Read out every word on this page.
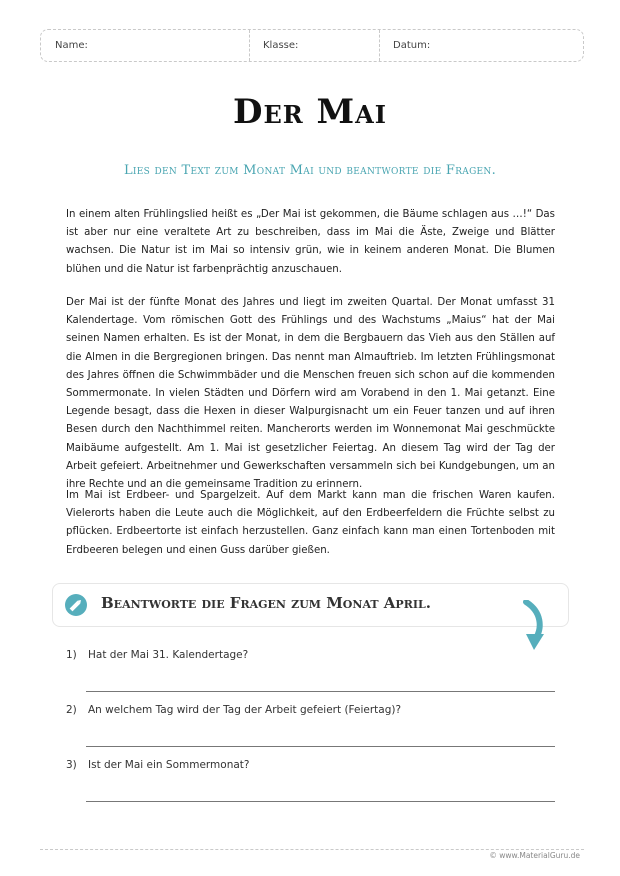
Name:	Klasse:	Datum:
Der Mai
Lies den Text zum Monat Mai und beantworte die Fragen.

In einem alten Frühlingslied heißt es „Der Mai ist gekommen, die Bäume schlagen aus …!“ Das ist aber nur eine veraltete Art zu beschreiben, dass im Mai die Äste, Zweige und Blätter wachsen. Die Natur ist im Mai so intensiv grün, wie in keinem anderen Monat. Die Blumen blühen und die Natur ist farbenprächtig anzuschauen.

Der Mai ist der fünfte Monat des Jahres und liegt im zweiten Quartal. Der Monat umfasst 31 Kalendertage. Vom römischen Gott des Frühlings und des Wachstums „Maius“ hat der Mai seinen Namen erhalten. Es ist der Monat, in dem die Bergbauern das Vieh aus den Ställen auf die Almen in die Bergregionen bringen. Das nennt man Almauftrieb. Im letzten Frühlingsmonat des Jahres öffnen die Schwimmbäder und die Menschen freuen sich schon auf die kommenden Sommermonate. In vielen Städten und Dörfern wird am Vorabend in den 1. Mai getanzt. Eine Legende besagt, dass die Hexen in dieser Walpurgisnacht um ein Feuer tanzen und auf ihren Besen durch den Nachthimmel reiten. Mancherorts werden im Wonnemonat Mai geschmückte Maibäume aufgestellt. Am 1. Mai ist gesetzlicher Feiertag. An diesem Tag wird der Tag der Arbeit gefeiert. Arbeitnehmer und Gewerkschaften versammeln sich bei Kundgebungen, um an ihre Rechte und an die gemeinsame Tradition zu erinnern.

Im Mai ist Erdbeer- und Spargelzeit. Auf dem Markt kann man die frischen Waren kaufen. Vielerorts haben die Leute auch die Möglichkeit, auf den Erdbeerfeldern die Früchte selbst zu pflücken. Erdbeertorte ist einfach herzustellen. Ganz einfach kann man einen Tortenboden mit Erdbeeren belegen und einen Guss darüber gießen.

Beantworte die Fragen zum Monat April.
1) Hat der Mai 31. Kalendertage?
2) An welchem Tag wird der Tag der Arbeit gefeiert (Feiertag)?
3) Ist der Mai ein Sommermonat?
© www.MaterialGuru.de
